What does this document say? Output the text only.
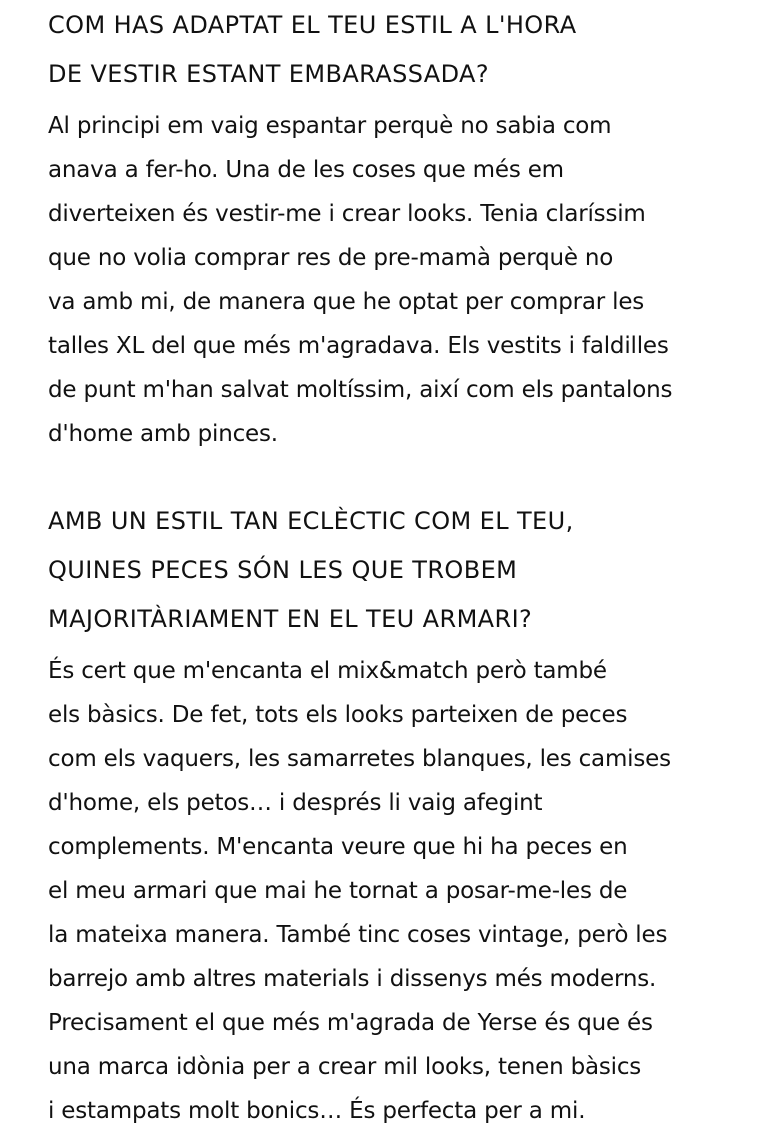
COM HAS ADAPTAT EL TEU ESTIL A L'HORA
DE VESTIR ESTANT EMBARASSADA?

Al principi em vaig espantar perquè no sabia com
anava a fer-ho. Una de les coses que més em
diverteixen és vestir-me i crear looks. Tenia claríssim
que no volia comprar res de pre-mamà perquè no
va amb mi, de manera que he optat per comprar les
talles XL del que més m'agradava. Els vestits i faldilles
de punt m'han salvat moltíssim, així com els pantalons
d'home amb pinces.

AMB UN ESTIL TAN ECLÈCTIC COM EL TEU,
QUINES PECES SÓN LES QUE TROBEM
MAJORITÀRIAMENT EN EL TEU ARMARI?

És cert que m'encanta el mix&match però també
els bàsics. De fet, tots els looks parteixen de peces
com els vaquers, les samarretes blanques, les camises
d'home, els petos… i després li vaig afegint
complements. M'encanta veure que hi ha peces en
el meu armari que mai he tornat a posar-me-les de
la mateixa manera. També tinc coses vintage, però les
barrejo amb altres materials i dissenys més moderns.
Precisament el que més m'agrada de Yerse és que és
una marca idònia per a crear mil looks, tenen bàsics
i estampats molt bonics… És perfecta per a mi.
